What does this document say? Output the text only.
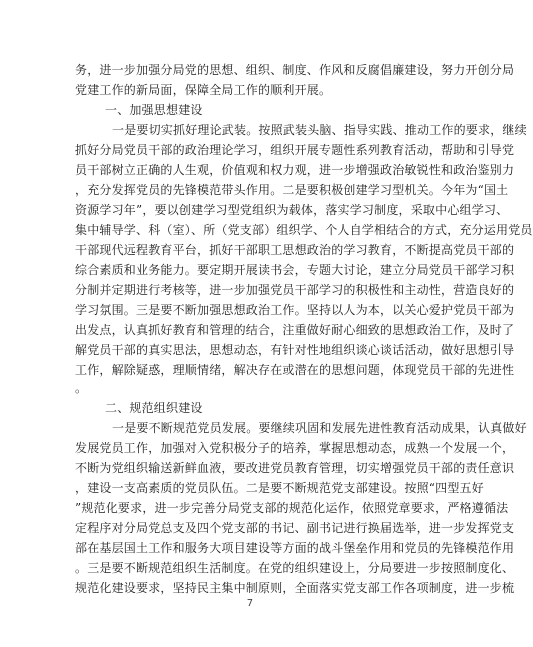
务，进一步加强分局党的思想、组织、制度、作风和反腐倡廉建设，努力开创分局
党建工作的新局面，保障全局工作的顺利开展。
一、加强思想建设
一是要切实抓好理论武装。按照武装头脑、指导实践、推动工作的要求，继续
抓好分局党员干部的政治理论学习，组织开展专题性系列教育活动，帮助和引导党
员干部树立正确的人生观，价值观和权力观，进一步增强政治敏锐性和政治鉴别力
，充分发挥党员的先锋模范带头作用。二是要积极创建学习型机关。今年为“国土
资源学习年”，要以创建学习型党组织为载体，落实学习制度，采取中心组学习、
集中辅导学、科（室）、所（党支部）组织学、个人自学相结合的方式，充分运用党员
干部现代远程教育平台，抓好干部职工思想政治的学习教育，不断提高党员干部的
综合素质和业务能力。要定期开展读书会，专题大讨论，建立分局党员干部学习积
分制并定期进行考核等，进一步加强党员干部学习的积极性和主动性，营造良好的
学习氛围。三是要不断加强思想政治工作。坚持以人为本，以关心爱护党员干部为
出发点，认真抓好教育和管理的结合，注重做好耐心细致的思想政治工作，及时了
解党员干部的真实思法，思想动态，有针对性地组织谈心谈话活动，做好思想引导
工作，解除疑惑，理顺情绪，解决存在或潜在的思想问题，体现党员干部的先进性
。
二、规范组织建设
一是要不断规范党员发展。要继续巩固和发展先进性教育活动成果，认真做好
发展党员工作，加强对入党积极分子的培养，掌握思想动态，成熟一个发展一个，
不断为党组织输送新鲜血液，要改进党员教育管理，切实增强党员干部的责任意识
，建设一支高素质的党员队伍。二是要不断规范党支部建设。按照“四型五好
”规范化要求，进一步完善分局党支部的规范化运作，依照党章要求，严格遵循法
定程序对分局党总支及四个党支部的书记、副书记进行换届选举，进一步发挥党支
部在基层国土工作和服务大项目建设等方面的战斗堡垒作用和党员的先锋模范作用
。三是要不断规范组织生活制度。在党的组织建设上，分局要进一步按照制度化、
规范化建设要求，坚持民主集中制原则，全面落实党支部工作各项制度，进一步梳
7
